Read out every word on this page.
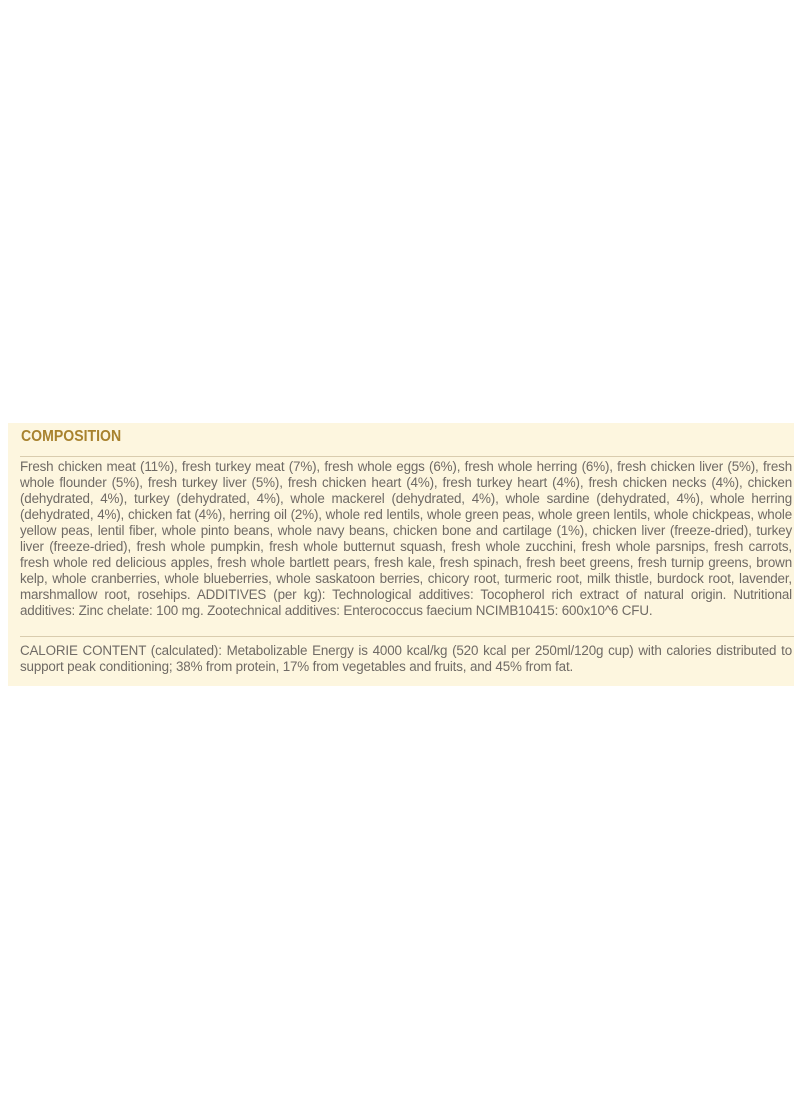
COMPOSITION
Fresh chicken meat (11%), fresh turkey meat (7%), fresh whole eggs (6%), fresh whole herring (6%), fresh chicken liver (5%), fresh whole flounder (5%), fresh turkey liver (5%), fresh chicken heart (4%), fresh turkey heart (4%), fresh chicken necks (4%), chicken (dehydrated, 4%), turkey (dehydrated, 4%), whole mackerel (dehydrated, 4%), whole sardine (dehydrated, 4%), whole herring (dehydrated, 4%), chicken fat (4%), herring oil (2%), whole red lentils, whole green peas, whole green lentils, whole chickpeas, whole yellow peas, lentil fiber, whole pinto beans, whole navy beans, chicken bone and cartilage (1%), chicken liver (freeze-dried), turkey liver (freeze-dried), fresh whole pumpkin, fresh whole butternut squash, fresh whole zucchini, fresh whole parsnips, fresh carrots, fresh whole red delicious apples, fresh whole bartlett pears, fresh kale, fresh spinach, fresh beet greens, fresh turnip greens, brown kelp, whole cranberries, whole blueberries, whole saskatoon berries, chicory root, turmeric root, milk thistle, burdock root, lavender, marshmallow root, rosehips. ADDITIVES (per kg): Technological additives: Tocopherol rich extract of natural origin. Nutritional additives: Zinc chelate: 100 mg. Zootechnical additives: Enterococcus faecium NCIMB10415: 600x10^6 CFU.
CALORIE CONTENT (calculated): Metabolizable Energy is 4000 kcal/kg (520 kcal per 250ml/120g cup) with calories distributed to support peak conditioning; 38% from protein, 17% from vegetables and fruits, and 45% from fat.
